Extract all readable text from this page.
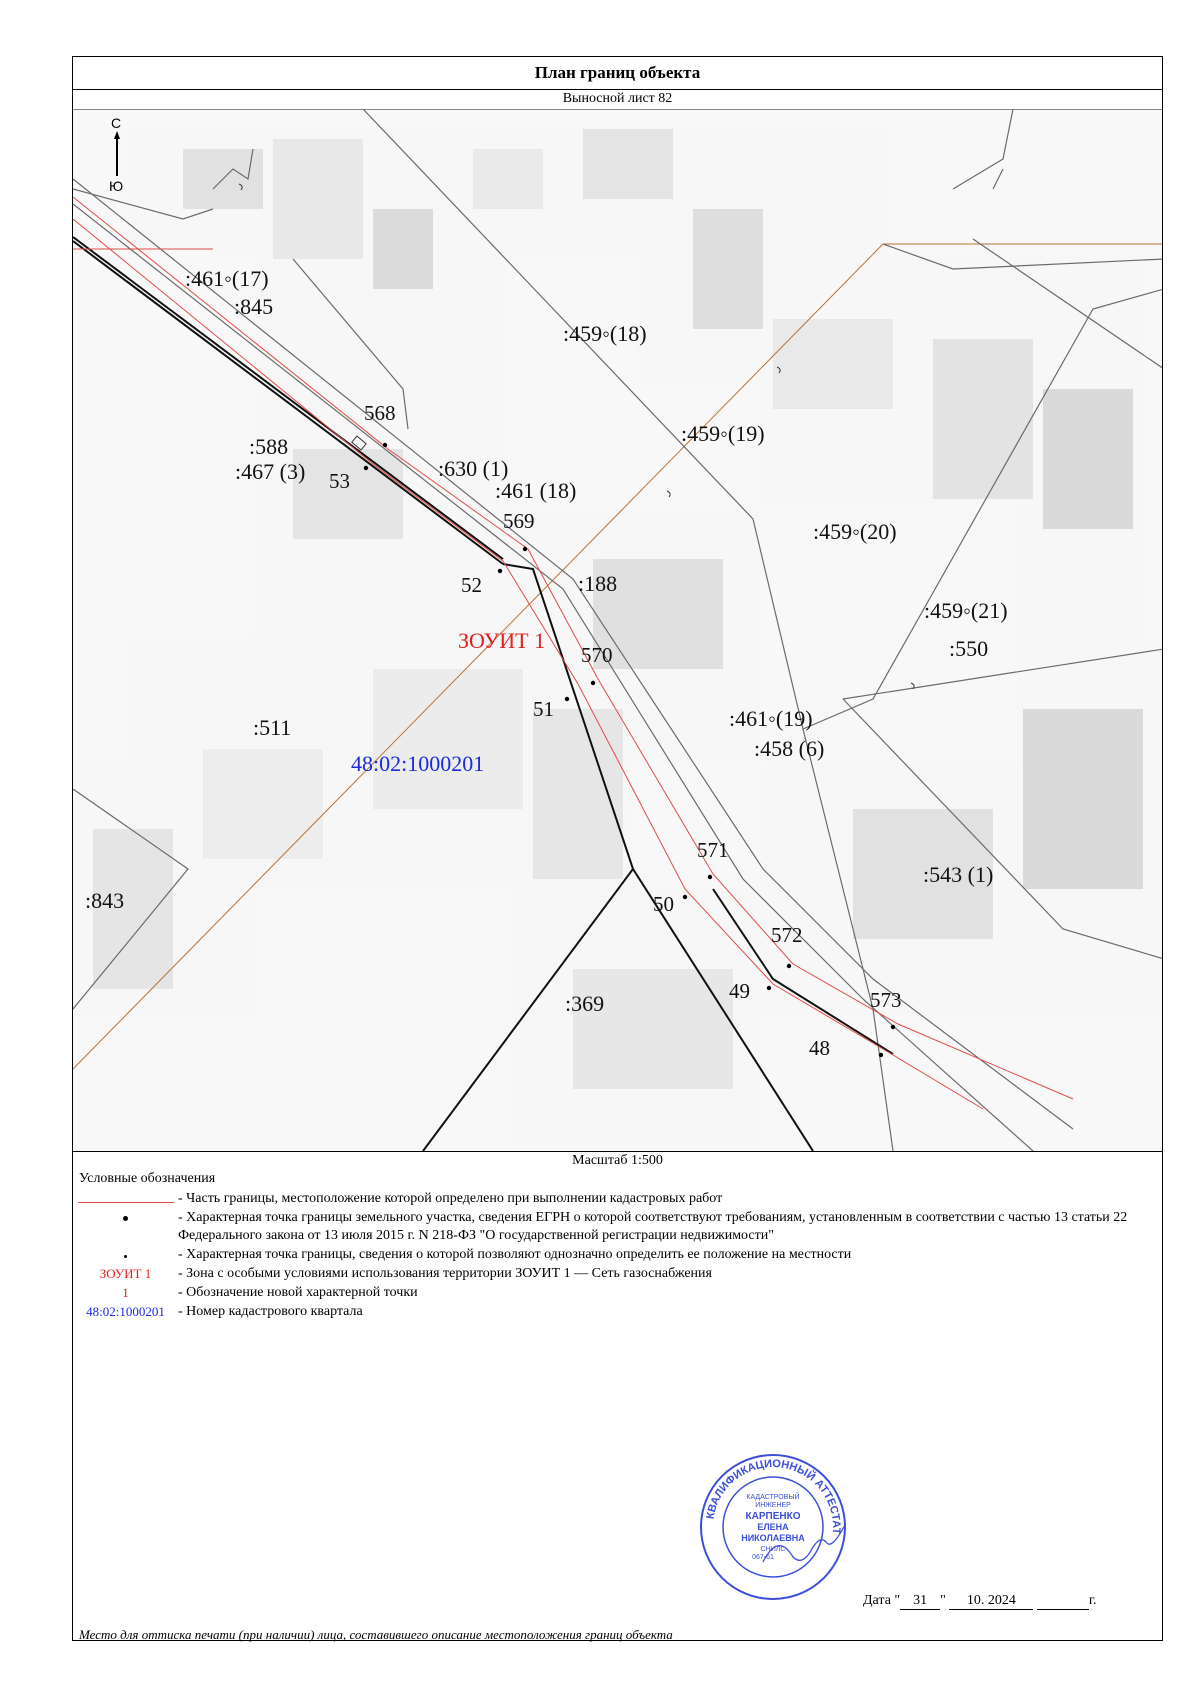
План границ объекта
Выносной лист 82
С
Ю
:461◦(17)
:845
:459◦(18)
:588
:467 (3)	:630 (1)
:461 (18)
:459◦(19)
:188
:459◦(20)
:459◦(21)
:550
:511	:461◦(19)
:458 (6)
:543 (1)
:843
:369
568
53
569
52
570
51
571
50
572
49	573
48
ЗОУИТ 1
48:02:1000201
Масштаб 1:500
Условные обозначения
- Часть границы, местоположение которой определено при выполнении кадастровых работ
- Характерная точка границы земельного участка, сведения ЕГРН о которой соответствуют требованиям, установленным в соответствии с частью 13 статьи 22 Федерального закона от 13 июля 2015 г. N 218-ФЗ "О государственной регистрации недвижимости"
- Характерная точка границы, сведения о которой позволяют однозначно определить ее положение на местности
ЗОУИТ 1	- Зона с особыми условиями использования территории ЗОУИТ 1 — Сеть газоснабжения
1	- Обозначение новой характерной точки
48:02:1000201 - Номер кадастрового квартала
КВАЛИФИКАЦИОННЫЙ АТТЕСТАТ
КАДАСТРОВЫЙ
ИНЖЕНЕР
КАРПЕНКО
ЕЛЕНА
НИКОЛАЕВНА
СНИЛС
067-61
Дата " 31 " 10. 2024	г.
Место для оттиска печати (при наличии) лица, составившего описание местоположения границ объекта
